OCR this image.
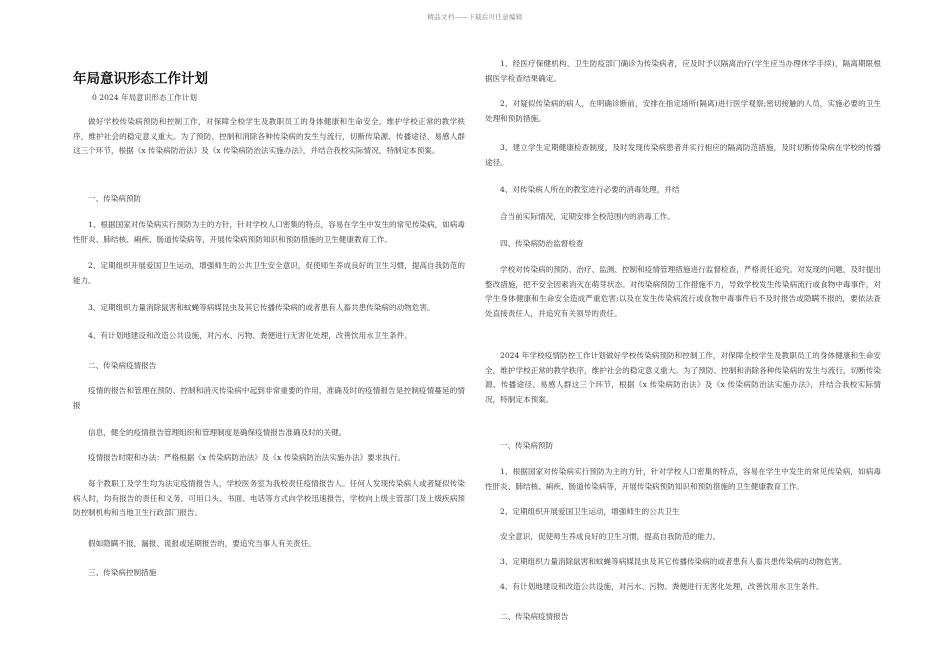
精品文档——下载后可任意编辑
年局意识形态工作计划
0 2024 年局意识形态工作计划

做好学校传染病预防和控制工作，对保障全校学生及教职员工的身体健康和生命安全，维护学校正常的教学秩序，维护社会的稳定意义重大。为了预防、控制和消除各种传染病的发生与流行，切断传染源、传播途径、易感人群这三个环节，根据《x 传染病防治法》及《x 传染病防治法实施办法》，并结合我校实际情况，特制定本预案。

一、传染病预防

1、根据国家对传染病实行预防为主的方针，针对学校人口密集的特点，容易在学生中发生的常见传染病，如病毒性肝炎、肺结核、痢疾、肠道传染病等，开展传染病预防知识和预防措施的卫生健康教育工作。

2、定期组织开展爱国卫生运动，增强师生的公共卫生安全意识，促使师生养成良好的卫生习惯，提高自我防范的能力。

3、定期组织力量消除鼠害和蚊蝇等病媒昆虫及其它传播传染病的或者患有人畜共患传染病的动物危害。

4、有计划地建设和改造公共设施，对污水、污物、粪便进行无害化处理，改善饮用水卫生条件。

二、传染病疫情报告

疫情的报告和管理在预防、控制和消灭传染病中起到非常重要的作用，准确及时的疫情报告是控制疫情蔓延的情报

信息，健全的疫情报告管理组织和管理制度是确保疫情报告准确及时的关键。

疫情报告时限和办法：严格根据《x 传染病防治法》及《x 传染病防治法实施办法》要求执行。

每个教职工及学生均为法定疫情报告人，学校医务室为我校责任疫情报告人。任何人发现传染病人或者疑似传染病人时，均有报告的责任和义务，可用口头、书面、电话等方式向学校迅速报告，学校向上级主管部门及上级疾病预防控制机构和当地卫生行政部门报告。

假如隐瞒不报、漏报、谎报或延期报告的，要追究当事人有关责任。

三、传染病控制措施

1、经医疗保健机构、卫生防疫部门确诊为传染病者，应及时予以隔离治疗(学生应当办理休学手续)，隔离期限根据医学检查结果确定。

2、对疑似传染病的病人，在明确诊断前，安排在指定场所(隔离)进行医学观察;密切接触的人员，实施必要的卫生处理和预防措施。

3、建立学生定期健康检查制度，及时发现传染病患者并实行相应的隔离防范措施，及时切断传染病在学校的传播途径。

4、对传染病人所在的教室进行必要的消毒处理，并结

合当前实际情况，定期安排全校范围内的消毒工作。

四、传染病防治监督检查

学校对传染病的预防、治疗、监测、控制和疫情管理措施进行监督检查，严格责任追究。对发现的问题，及时提出整改措施，把不安全因素消灭在萌芽状态。对传染病预防工作措施不力，导致学校发生传染病流行或食物中毒事件，对学生身体健康和生命安全造成严重危害;以及在发生传染病流行或食物中毒事件后不及时报告或隐瞒不报的，要依法查处直接责任人，并追究有关领导的责任。

2024 年学校疫情防控工作计划做好学校传染病预防和控制工作，对保障全校学生及教职员工的身体健康和生命安全，维护学校正常的教学秩序，维护社会的稳定意义重大。为了预防、控制和消除各种传染病的发生与流行，切断传染源、传播途径、易感人群这三个环节，根据《x 传染病防治法》及《x 传染病防治法实施办法》，并结合我校实际情况，特制定本预案。

一、传染病预防

1、根据国家对传染病实行预防为主的方针，针对学校人口密集的特点，容易在学生中发生的常见传染病，如病毒性肝炎、肺结核、痢疾、肠道传染病等，开展传染病预防知识和预防措施的卫生健康教育工作。

2、定期组织开展爱国卫生运动，增强师生的公共卫生

安全意识，促使师生养成良好的卫生习惯，提高自我防范的能力。

3、定期组织力量消除鼠害和蚊蝇等病媒昆虫及其它传播传染病的或者患有人畜共患传染病的动物危害。

4、有计划地建设和改造公共设施，对污水、污物、粪便进行无害化处理，改善饮用水卫生条件。

二、传染病疫情报告
